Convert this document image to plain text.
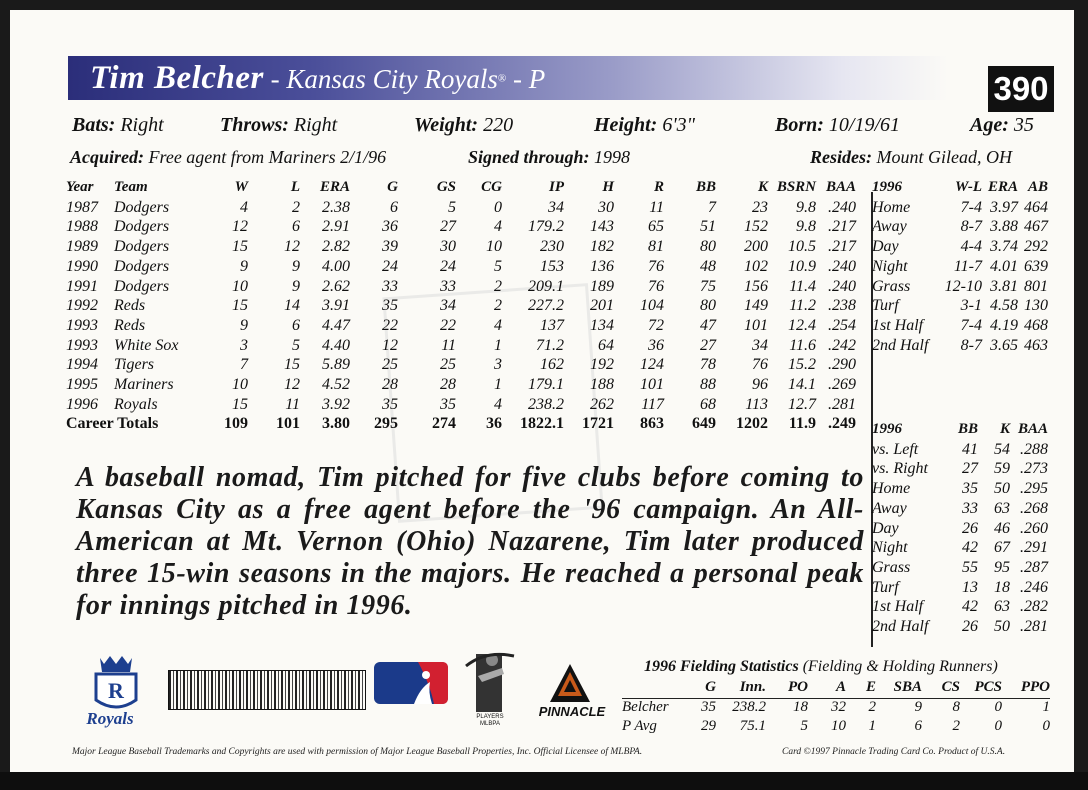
Tim Belcher - Kansas City Royals® - P	390
Bats: Right	Throws: Right	Weight: 220	Height: 6'3"	Born: 10/19/61	Age: 35
Acquired: Free agent from Mariners 2/1/96	Signed through: 1998	Resides: Mount Gilead, OH
Year	Team	W	L	ERA	G	GS	CG	IP	H	R	BB	K	BSRN	BAA
1987	Dodgers	4	2	2.38	6	5	0	34	30	11	7	23	9.8	.240
1988	Dodgers	12	6	2.91	36	27	4	179.2	143	65	51	152	9.8	.217
1989	Dodgers	15	12	2.82	39	30	10	230	182	81	80	200	10.5	.217
1990	Dodgers	9	9	4.00	24	24	5	153	136	76	48	102	10.9	.240
1991	Dodgers	10	9	2.62	33	33	2	209.1	189	76	75	156	11.4	.240
1992	Reds	15	14	3.91	35	34	2	227.2	201	104	80	149	11.2	.238
1993	Reds	9	6	4.47	22	22	4	137	134	72	47	101	12.4	.254
1993	White Sox	3	5	4.40	12	11	1	71.2	64	36	27	34	11.6	.242
1994	Tigers	7	15	5.89	25	25	3	162	192	124	78	76	15.2	.290
1995	Mariners	10	12	4.52	28	28	1	179.1	188	101	88	96	14.1	.269
1996	Royals	15	11	3.92	35	35	4	238.2	262	117	68	113	12.7	.281
Career Totals		109	101	3.80	295	274	36	1822.1	1721	863	649	1202	11.9	.249
1996	W-L	ERA	AB
Home	7-4	3.97	464
Away	8-7	3.88	467
Day	4-4	3.74	292
Night	11-7	4.01	639
Grass	12-10	3.81	801
Turf	3-1	4.58	130
1st Half	7-4	4.19	468
2nd Half	8-7	3.65	463
1996	BB	K	BAA
vs. Left	41	54	.288
vs. Right	27	59	.273
Home	35	50	.295
Away	33	63	.268
Day	26	46	.260
Night	42	67	.291
Grass	55	95	.287
Turf	13	18	.246
1st Half	42	63	.282
2nd Half	26	50	.281
A baseball nomad, Tim pitched for five clubs before coming to Kansas City as a free agent before the '96 campaign. An All-American at Mt. Vernon (Ohio) Nazarene, Tim later produced three 15-win seasons in the majors. He reached a personal peak for innings pitched in 1996.
R
Royals	PLAYERS
MLBPA
PINNACLE
1996 Fielding Statistics (Fielding & Holding Runners)
	G	Inn.	PO	A	E	SBA	CS	PCS	PPO
Belcher	35	238.2	18	32	2	9	8	0	1
P Avg	29	75.1	5	10	1	6	2	0	0
Major League Baseball Trademarks and Copyrights are used with permission of Major League Baseball Properties, Inc. Official Licensee of MLBPA.	Card ©1997 Pinnacle Trading Card Co. Product of U.S.A.
